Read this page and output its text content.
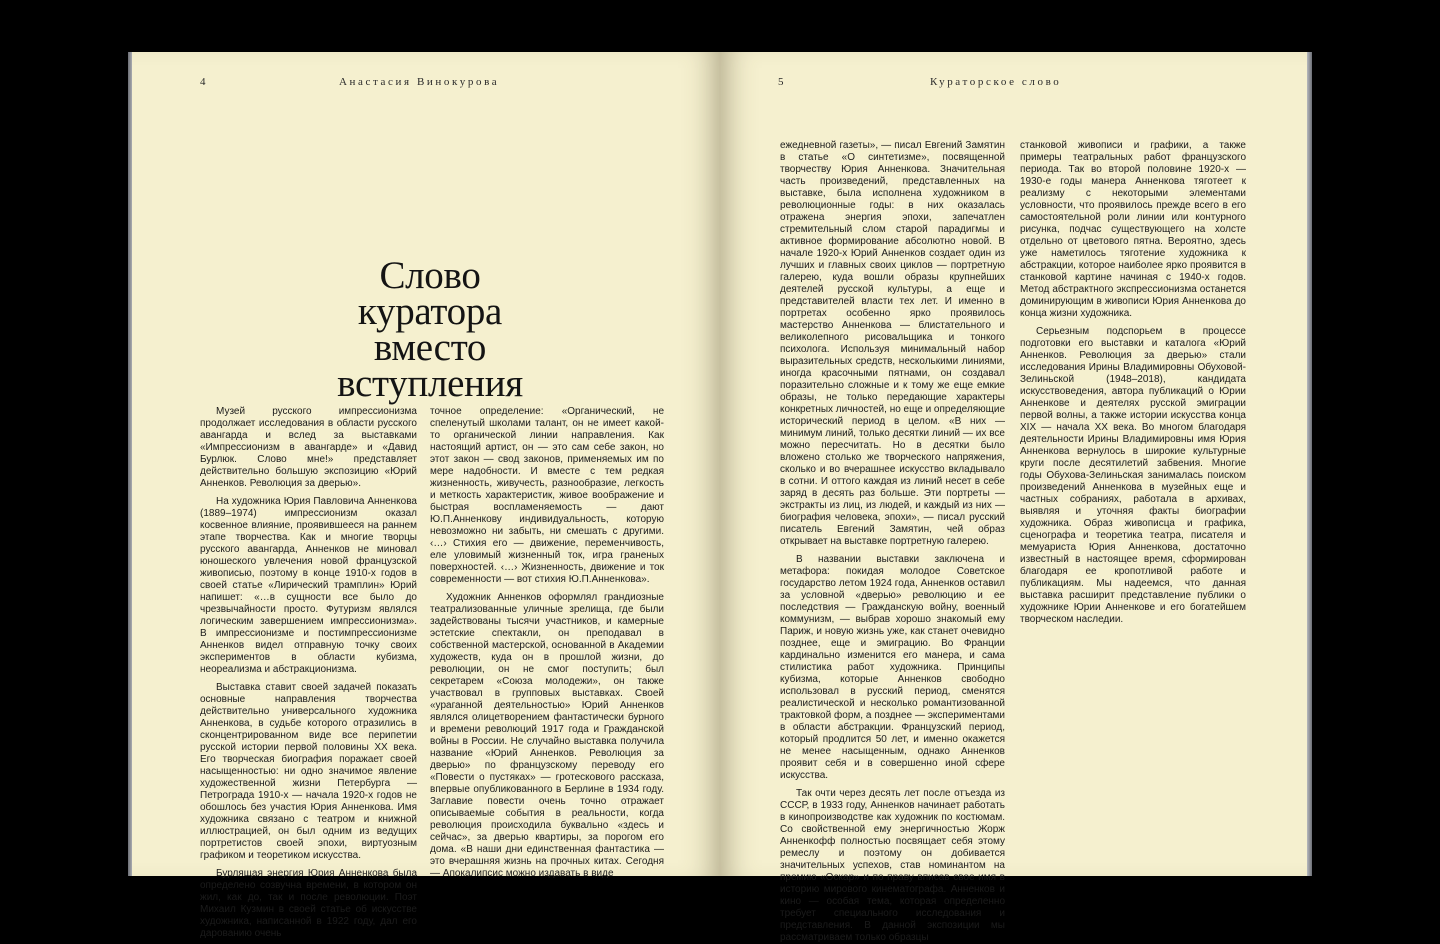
4	Анастасия Винокурова
Слово
куратора
вместо
вступления

Музей русского импрессионизма продолжает исследования в области русского авангарда и вслед за выставками «Импрессионизм в авангарде» и «Давид Бурлюк. Слово мне!» представляет действительно большую экспозицию «Юрий Анненков. Революция за дверью».

На художника Юрия Павловича Анненкова (1889–1974) импрессионизм оказал косвенное влияние, проявившееся на раннем этапе творчества. Как и многие творцы русского авангарда, Анненков не миновал юношеского увлечения новой французской живописью, поэтому в конце 1910-х годов в своей статье «Лирический трамплин» Юрий напишет: «…в сущности все было до чрезвычайности просто. Футуризм являлся логическим завершением импрессионизма». В импрессионизме и постимпрессионизме Анненков видел отправную точку своих экспериментов в области кубизма, неореализма и абстракционизма.

Выставка ставит своей задачей показать основные направления творчества действительно универсального художника Анненкова, в судьбе которого отразились в сконцентрированном виде все перипетии русской истории первой половины XX века. Его творческая биография поражает своей насыщенностью: ни одно значимое явление художественной жизни Петербурга — Петрограда 1910-х — начала 1920-х годов не обошлось без участия Юрия Анненкова. Имя художника связано с театром и книжной иллюстрацией, он был одним из ведущих портретистов своей эпохи, виртуозным графиком и теоретиком искусства.

Бурлящая энергия Юрия Анненкова была определено созвучна времени, в котором он жил, как до, так и после революции. Поэт Михаил Кузмин в своей статье об искусстве художника, написанной в 1922 году, дал его дарованию очень

точное определение: «Органический, не спеленутый школами талант, он не имеет какой-то органической линии направления. Как настоящий артист, он — это сам себе закон, но этот закон — свод законов, применяемых им по мере надобности. И вместе с тем редкая жизненность, живучесть, разнообразие, легкость и меткость характеристик, живое воображение и быстрая воспламеняемость — дают Ю.П.Анненкову индивидуальность, которую невозможно ни забыть, ни смешать с другими. ‹…› Стихия его — движение, переменчивость, еле уловимый жизненный ток, игра граненых поверхностей. ‹…› Жизненность, движение и ток современности — вот стихия Ю.П.Анненкова».

Художник Анненков оформлял грандиозные театрализованные уличные зрелища, где были задействованы тысячи участников, и камерные эстетские спектакли, он преподавал в собственной мастерской, основанной в Академии художеств, куда он в прошлой жизни, до революции, он не смог поступить; был секретарем «Союза молодежи», он также участвовал в групповых выставках. Своей «ураганной деятельностью» Юрий Анненков являлся олицетворением фантастически бурного и времени революций 1917 года и Гражданской войны в России. Не случайно выставка получила название «Юрий Анненков. Революция за дверью» по французскому переводу его «Повести о пустяках» — гротескового рассказа, впервые опубликованного в Берлине в 1934 году. Заглавие повести очень точно отражает описываемые события в реальности, когда революция происходила буквально «здесь и сейчас», за дверью квартиры, за порогом его дома. «В наши дни единственная фантастика — это вчерашняя жизнь на прочных китах. Сегодня — Апокалипсис можно издавать в виде

5	Кураторское слово

ежедневной газеты», — писал Евгений Замятин в статье «О синтетизме», посвященной творчеству Юрия Анненкова. Значительная часть произведений, представленных на выставке, была исполнена художником в революционные годы: в них оказалась отражена энергия эпохи, запечатлен стремительный слом старой парадигмы и активное формирование абсолютно новой. В начале 1920-х Юрий Анненков создает один из лучших и главных своих циклов — портретную галерею, куда вошли образы крупнейших деятелей русской культуры, а еще и представителей власти тех лет. И именно в портретах особенно ярко проявилось мастерство Анненкова — блистательного и великолепного рисовальщика и тонкого психолога. Используя минимальный набор выразительных средств, несколькими линиями, иногда красочными пятнами, он создавал поразительно сложные и к тому же еще емкие образы, не только передающие характеры конкретных личностей, но еще и определяющие исторический период в целом. «В них — минимум линий, только десятки линий — их все можно пересчитать. Но в десятки было вложено столько же творческого напряжения, сколько и во вчерашнее искусство вкладывало в сотни. И оттого каждая из линий несет в себе заряд в десять раз больше. Эти портреты — экстракты из лиц, из людей, и каждый из них — биография человека, эпохи», — писал русский писатель Евгений Замятин, чей образ открывает на выставке портретную галерею.

В названии выставки заключена и метафора: покидая молодое Советское государство летом 1924 года, Анненков оставил за условной «дверью» революцию и ее последствия — Гражданскую войну, военный коммунизм, — выбрав хорошо знакомый ему Париж, и новую жизнь уже, как станет очевидно позднее, еще и эмиграцию. Во Франции кардинально изменится его манера, и сама стилистика работ художника. Принципы кубизма, которые Анненков свободно использовал в русский период, сменятся реалистической и несколько романтизованной трактовкой форм, а позднее — экспериментами в области абстракции. Французский период, который продлится 50 лет, и именно окажется не менее насыщенным, однако Анненков проявит себя и в совершенно иной сфере искусства.

Так очти через десять лет после отъезда из СССР, в 1933 году, Анненков начинает работать в кинопроизводстве как художник по костюмам. Со свойственной ему энергичностью Жорж Анненкофф полностью посвящает себя этому ремеслу и поэтому он добивается значительных успехов, став номинантом на премию «Оскар» и по праву вписав свое имя в историю мирового кинематографа. Анненков и кино — особая тема, которая определенно требует специального исследования и представления. В данной экспозиции мы рассматриваем только образцы

станковой живописи и графики, а также примеры театральных работ французского периода. Так во второй половине 1920-х — 1930-е годы манера Анненкова тяготеет к реализму с некоторыми элементами условности, что проявилось прежде всего в его самостоятельной роли линии или контурного рисунка, подчас существующего на холсте отдельно от цветового пятна. Вероятно, здесь уже наметилось тяготение художника к абстракции, которое наиболее ярко проявится в станковой картине начиная с 1940-х годов. Метод абстрактного экспрессионизма останется доминирующим в живописи Юрия Анненкова до конца жизни художника.

Серьезным подспорьем в процессе подготовки его выставки и каталога «Юрий Анненков. Революция за дверью» стали исследования Ирины Владимировны Обуховой-Зелиньской (1948–2018), кандидата искусствоведения, автора публикаций о Юрии Анненкове и деятелях русской эмиграции первой волны, а также истории искусства конца XIX — начала XX века. Во многом благодаря деятельности Ирины Владимировны имя Юрия Анненкова вернулось в широкие культурные круги после десятилетий забвения. Многие годы Обухова-Зелиньская занималась поиском произведений Анненкова в музейных еще и частных собраниях, работала в архивах, выявляя и уточняя факты биографии художника. Образ живописца и графика, сценографа и теоретика театра, писателя и мемуариста Юрия Анненкова, достаточно известный в настоящее время, сформирован благодаря ее кропотливой работе и публикациям. Мы надеемся, что данная выставка расширит представление публики о художнике Юрии Анненкове и его богатейшем творческом наследии.
